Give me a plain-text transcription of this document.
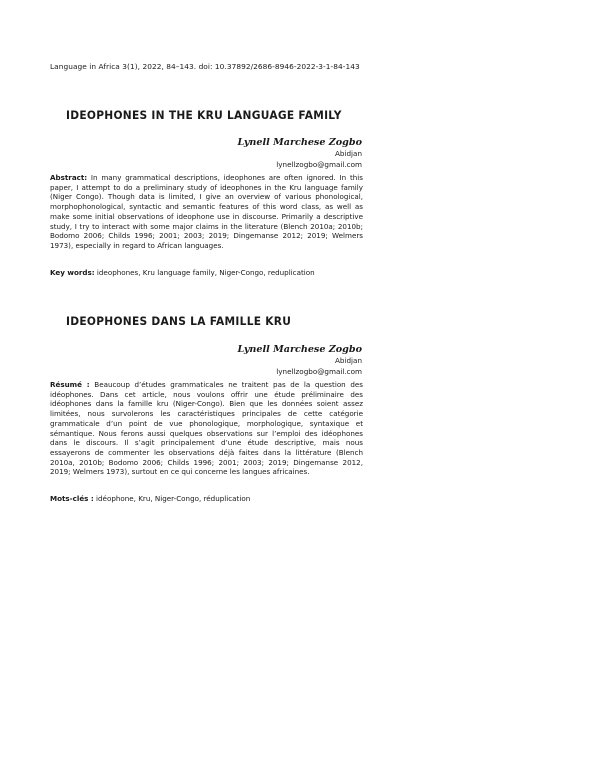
Language in Africa 3(1), 2022, 84–143. doi: 10.37892/2686-8946-2022-3-1-84-143
IDEOPHONES IN THE KRU LANGUAGE FAMILY
Lynell Marchese Zogbo
Abidjan
lynellzogbo@gmail.com
Abstract: In many grammatical descriptions, ideophones are often ignored. In this paper, I attempt to do a preliminary study of ideophones in the Kru language family (Niger Congo). Though data is limited, I give an overview of various phonological, morphophonological, syntactic and semantic features of this word class, as well as make some initial observations of ideophone use in discourse. Primarily a descriptive study, I try to interact with some major claims in the literature (Blench 2010a; 2010b; Bodomo 2006; Childs 1996; 2001; 2003; 2019; Dingemanse 2012; 2019; Welmers 1973), especially in regard to African languages.
Key words: ideophones, Kru language family, Niger-Congo, reduplication
IDEOPHONES DANS LA FAMILLE KRU
Lynell Marchese Zogbo
Abidjan
lynellzogbo@gmail.com
Résumé : Beaucoup d’études grammaticales ne traitent pas de la question des idéophones. Dans cet article, nous voulons offrir une étude préliminaire des idéophones dans la famille kru (Niger-Congo). Bien que les données soient assez limitées, nous survolerons les caractéristiques principales de cette catégorie grammaticale d’un point de vue phonologique, morphologique, syntaxique et sémantique. Nous ferons aussi quelques observations sur l’emploi des idéophones dans le discours. Il s’agit principalement d’une étude descriptive, mais nous essayerons de commenter les observations déjà faites dans la littérature (Blench 2010a, 2010b; Bodomo 2006; Childs 1996; 2001; 2003; 2019; Dingemanse 2012, 2019; Welmers 1973), surtout en ce qui concerne les langues africaines.
Mots-clés : idéophone, Kru, Niger-Congo, réduplication
